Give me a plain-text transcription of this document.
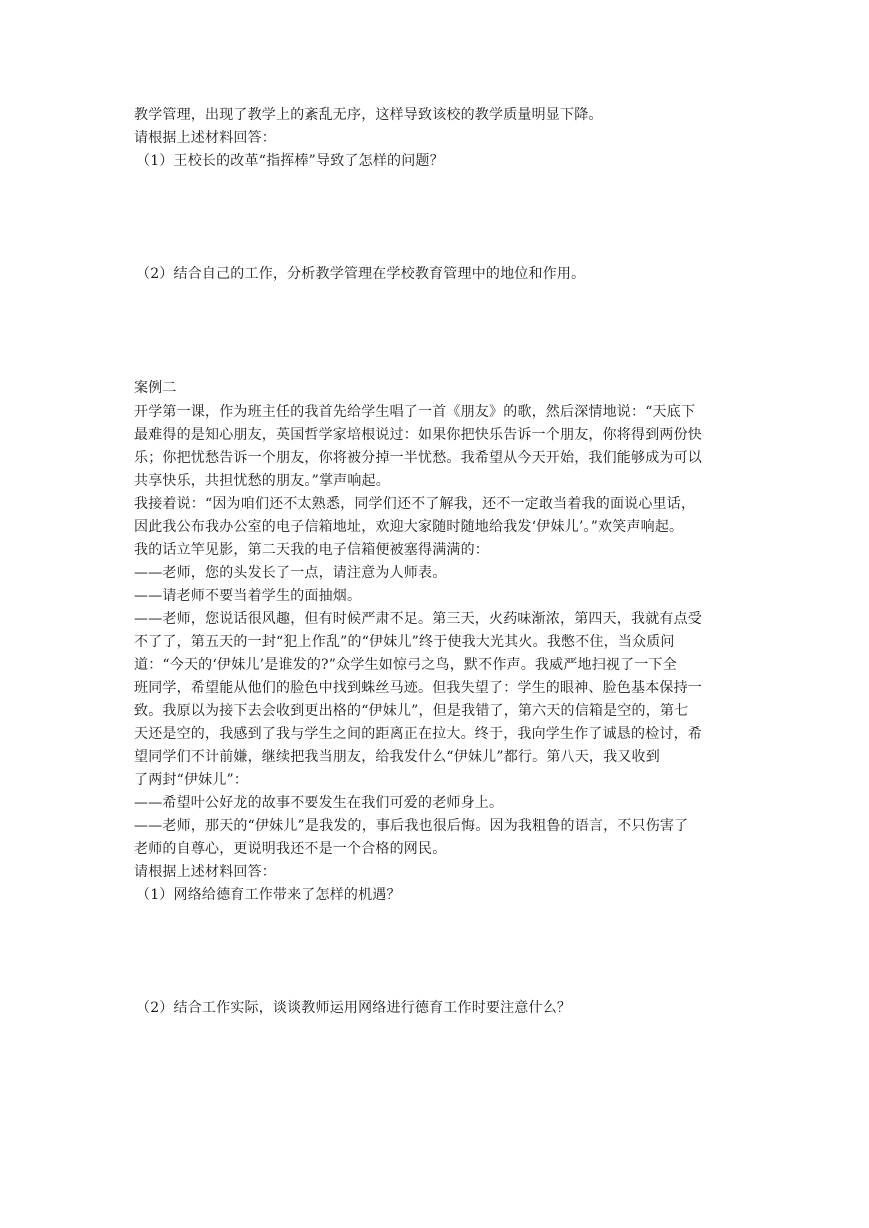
教学管理，出现了教学上的紊乱无序，这样导致该校的教学质量明显下降。
请根据上述材料回答：
（1）王校长的改革“指挥棒”导致了怎样的问题？
（2）结合自己的工作，分析教学管理在学校教育管理中的地位和作用。
案例二
开学第一课，作为班主任的我首先给学生唱了一首《朋友》的歌，然后深情地说：“天底下
最难得的是知心朋友，英国哲学家培根说过：如果你把快乐告诉一个朋友，你将得到两份快
乐；你把忧愁告诉一个朋友，你将被分掉一半忧愁。我希望从今天开始，我们能够成为可以
共享快乐，共担忧愁的朋友。”掌声响起。
我接着说：“因为咱们还不太熟悉，同学们还不了解我，还不一定敢当着我的面说心里话，
因此我公布我办公室的电子信箱地址，欢迎大家随时随地给我发‘伊妹儿’。”欢笑声响起。
我的话立竿见影，第二天我的电子信箱便被塞得满满的：
——老师，您的头发长了一点，请注意为人师表。
——请老师不要当着学生的面抽烟。
——老师，您说话很风趣，但有时候严肃不足。第三天，火药味渐浓，第四天，我就有点受
不了了，第五天的一封“犯上作乱”的“伊妹儿”终于使我大光其火。我憋不住，当众质问
道：“今天的‘伊妹儿’是谁发的?”众学生如惊弓之鸟，默不作声。我威严地扫视了一下全
班同学，希望能从他们的脸色中找到蛛丝马迹。但我失望了：学生的眼神、脸色基本保持一
致。我原以为接下去会收到更出格的“伊妹儿”，但是我错了，第六天的信箱是空的，第七
天还是空的，我感到了我与学生之间的距离正在拉大。终于，我向学生作了诚恳的检讨，希
望同学们不计前嫌，继续把我当朋友，给我发什么“伊妹儿”都行。第八天，我又收到
了两封“伊妹儿”：
——希望叶公好龙的故事不要发生在我们可爱的老师身上。
——老师，那天的“伊妹儿”是我发的，事后我也很后悔。因为我粗鲁的语言，不只伤害了
老师的自尊心，更说明我还不是一个合格的网民。
请根据上述材料回答：
（1）网络给德育工作带来了怎样的机遇？
（2）结合工作实际，谈谈教师运用网络进行德育工作时要注意什么？
